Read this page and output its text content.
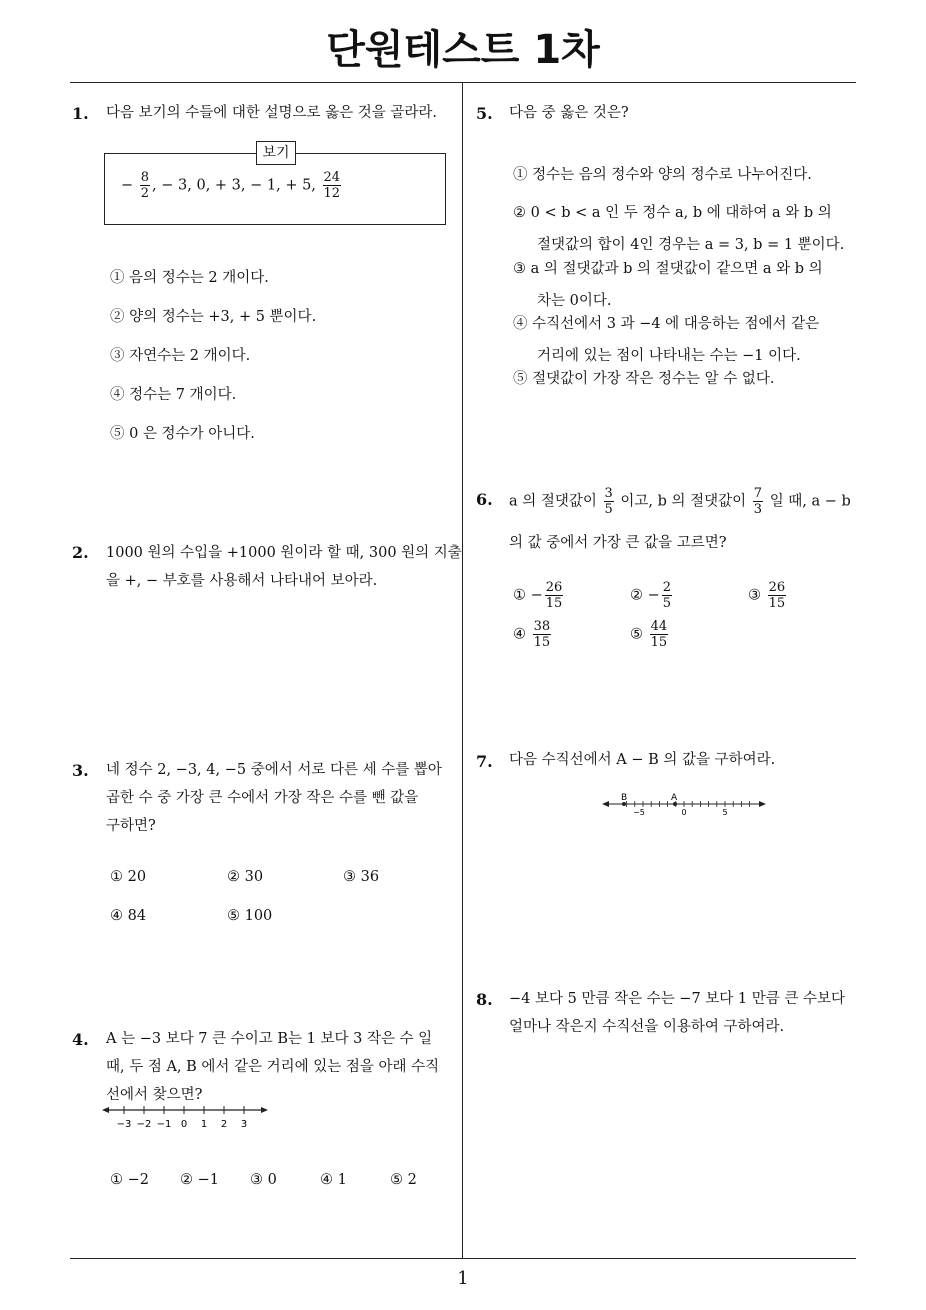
단원테스트 1차
1. 다음 보기의 수들에 대한 설명으로 옳은 것을 골라라.
− $\frac{8}{2}$ , − 3, 0, + 3, − 1, + 5, $\frac{24}{12}$
보기
① 음의 정수는 2 개이다.
② 양의 정수는 +3, + 5 뿐이다.
③ 자연수는 2 개이다.
④ 정수는 7 개이다.
⑤ 0 은 정수가 아니다.
2. 1000 원의 수입을 +1000 원이라 할 때, 300 원의 지출
을 +, − 부호를 사용해서 나타내어 보아라.
3. 네 정수 2, −3, 4, −5 중에서 서로 다른 세 수를 뽑아
곱한 수 중 가장 큰 수에서 가장 작은 수를 뺀 값을
구하면?
① 20	② 30	③ 36
④ 84	⑤ 100
4. A 는 −3 보다 7 큰 수이고 B는 1 보다 3 작은 수 일
때, 두 점 A, B 에서 같은 거리에 있는 점을 아래 수직
선에서 찾으면?
−3 −2 −1 0 1 2 3
① −2 ② −1 ③ 0	④ 1	⑤ 2
5. 다음 중 옳은 것은?
① 정수는 음의 정수와 양의 정수로 나누어진다.
② 0 < b < a 인 두 정수 a, b 에 대하여 a 와 b 의
절댓값의 합이 4인 경우는 a = 3, b = 1 뿐이다.
③ a 의 절댓값과 b 의 절댓값이 같으면 a 와 b 의
차는 0이다.
④ 수직선에서 3 과 −4 에 대응하는 점에서 같은
거리에 있는 점이 나타내는 수는 −1 이다.
⑤ 절댓값이 가장 작은 정수는 알 수 없다.
6. a 의 절댓값이 $\frac{3}{5}$ 이고, b 의 절댓값이 $\frac{7}{3}$ 일 때, a − b
의 값 중에서 가장 큰 값을 고르면?
① − $\frac{26}{15}$	② − $\frac{2}{5}$	③ $\frac{26}{15}$
④ $\frac{38}{15}$	⑤ $\frac{44}{15}$
7. 다음 수직선에서 A − B 의 값을 구하여라.
B	A
−5	0	5
8. −4 보다 5 만큼 작은 수는 −7 보다 1 만큼 큰 수보다
얼마나 작은지 수직선을 이용하여 구하여라.
1
